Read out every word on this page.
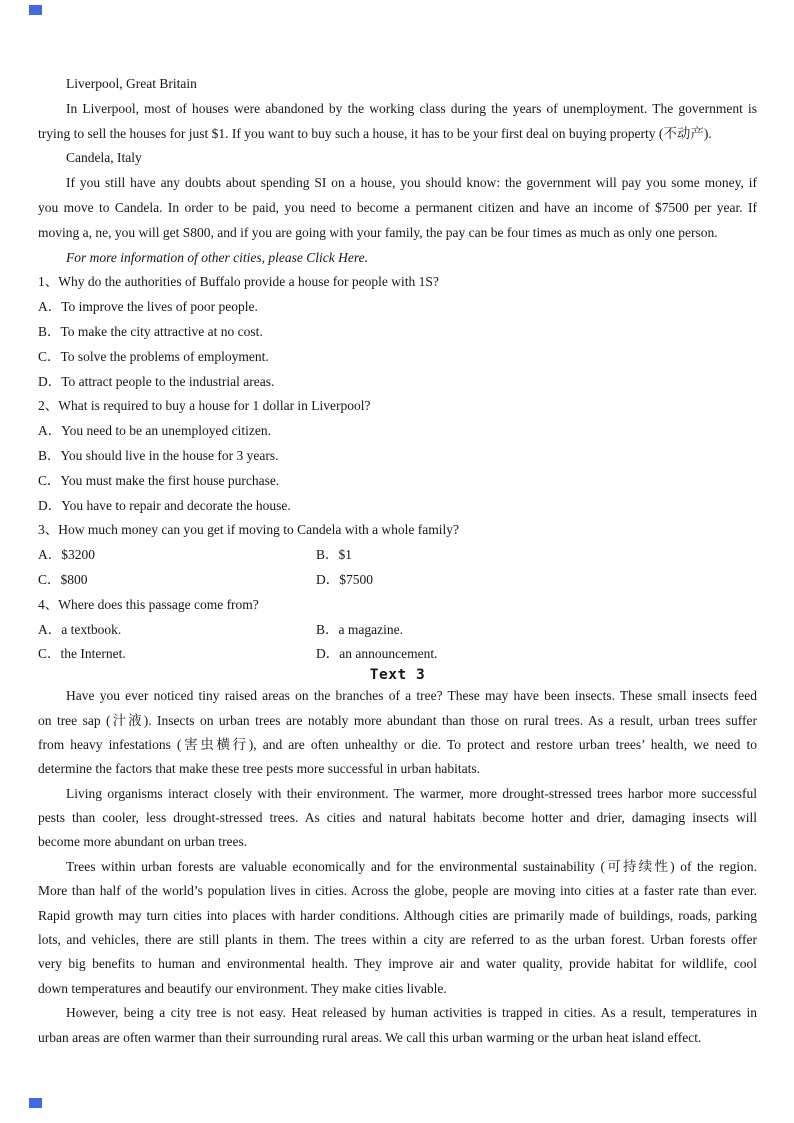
Liverpool, Great Britain
In Liverpool, most of houses were abandoned by the working class during the years of unemployment. The government is
trying to sell the houses for just $1. If you want to buy such a house, it has to be your first deal on buying property (不动产).
Candela, Italy
If you still have any doubts about spending SI on a house, you should know: the government will pay you some money, if
you move to Candela. In order to be paid, you need to become a permanent citizen and have an income of $7500 per year. If
moving a, ne, you will get S800, and if you are going with your family, the pay can be four times as much as only one person.
For more information of other cities, please Click Here.
1、Why do the authorities of Buffalo provide a house for people with 1S?
A．To improve the lives of poor people.
B．To make the city attractive at no cost.
C．To solve the problems of employment.
D．To attract people to the industrial areas.
2、What is required to buy a house for 1 dollar in Liverpool?
A．You need to be an unemployed citizen.
B．You should live in the house for 3 years.
C．You must make the first house purchase.
D．You have to repair and decorate the house.
3、How much money can you get if moving to Candela with a whole family?
A．$3200	B．$1
C．$800	D．$7500
4、Where does this passage come from?
A．a textbook.	B．a magazine.
C．the Internet.	D．an announcement.
Text 3
Have you ever noticed tiny raised areas on the branches of a tree? These may have been insects. These small insects feed
on tree sap (汁液). Insects on urban trees are notably more abundant than those on rural trees. As a result, urban trees suffer
from heavy infestations (害虫横行), and are often unhealthy or die. To protect and restore urban trees’ health, we need to
determine the factors that make these tree pests more successful in urban habitats.
Living organisms interact closely with their environment. The warmer, more drought-stressed trees harbor more successful
pests than cooler, less drought-stressed trees. As cities and natural habitats become hotter and drier, damaging insects will
become more abundant on urban trees.
Trees within urban forests are valuable economically and for the environmental sustainability (可持续性) of the region.
More than half of the world’s population lives in cities. Across the globe, people are moving into cities at a faster rate than ever.
Rapid growth may turn cities into places with harder conditions. Although cities are primarily made of buildings, roads, parking
lots, and vehicles, there are still plants in them. The trees within a city are referred to as the urban forest. Urban forests offer
very big benefits to human and environmental health. They improve air and water quality, provide habitat for wildlife, cool
down temperatures and beautify our environment. They make cities livable.
However, being a city tree is not easy. Heat released by human activities is trapped in cities. As a result, temperatures in
urban areas are often warmer than their surrounding rural areas. We call this urban warming or the urban heat island effect.
